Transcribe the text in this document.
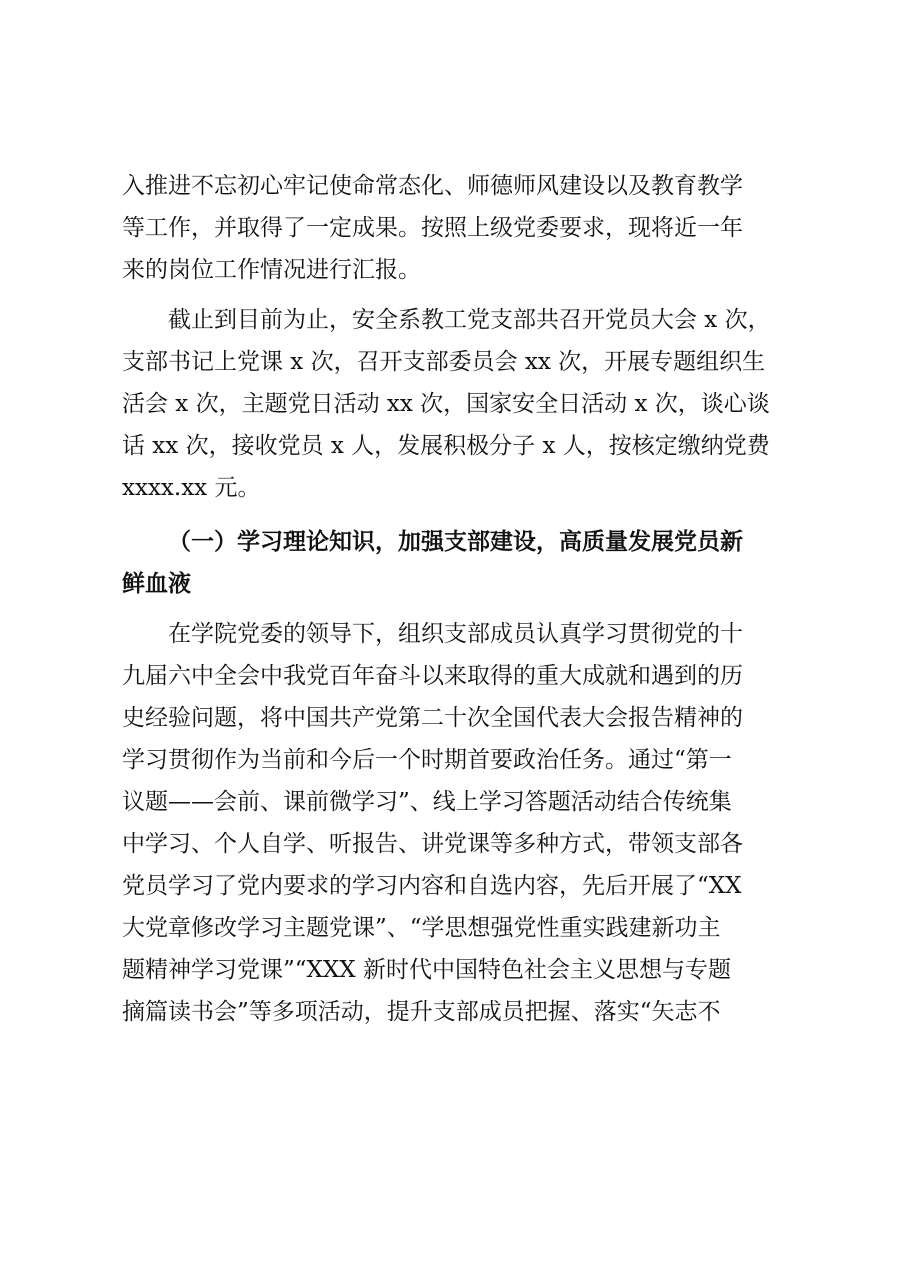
入推进不忘初心牢记使命常态化、师德师风建设以及教育教学
等工作，并取得了一定成果。按照上级党委要求，现将近一年
来的岗位工作情况进行汇报。
截止到目前为止，安全系教工党支部共召开党员大会 x 次，
支部书记上党课 x 次，召开支部委员会 xx 次，开展专题组织生
活会 x 次，主题党日活动 xx 次，国家安全日活动 x 次，谈心谈
话 xx 次，接收党员 x 人，发展积极分子 x 人，按核定缴纳党费
xxxx.xx 元。
（一）学习理论知识，加强支部建设，高质量发展党员新
鲜血液
在学院党委的领导下，组织支部成员认真学习贯彻党的十
九届六中全会中我党百年奋斗以来取得的重大成就和遇到的历
史经验问题，将中国共产党第二十次全国代表大会报告精神的
学习贯彻作为当前和今后一个时期首要政治任务。通过“第一
议题——会前、课前微学习”、线上学习答题活动结合传统集
中学习、个人自学、听报告、讲党课等多种方式，带领支部各
党员学习了党内要求的学习内容和自选内容，先后开展了“XX
大党章修改学习主题党课”、“学思想强党性重实践建新功主
题精神学习党课”“XXX 新时代中国特色社会主义思想与专题
摘篇读书会”等多项活动，提升支部成员把握、落实“矢志不
